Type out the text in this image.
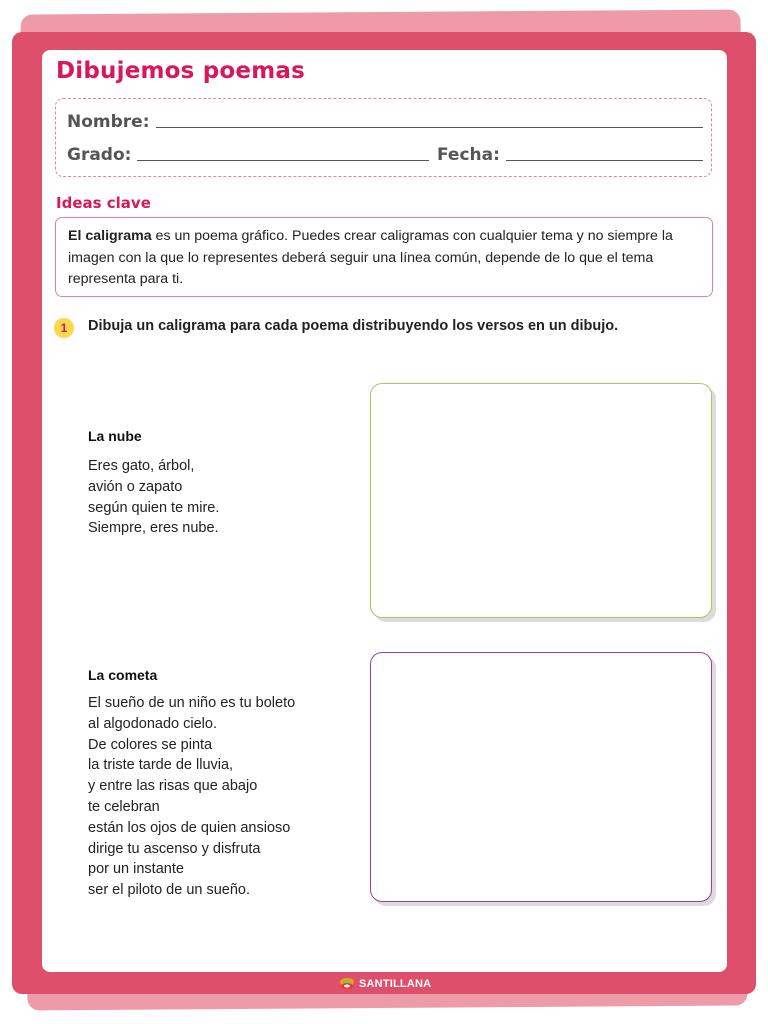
Dibujemos poemas
Nombre:
Grado:	Fecha:
Ideas clave
El caligrama es un poema gráfico. Puedes crear caligramas con cualquier tema y no siempre la imagen con la que lo representes deberá seguir una línea común, depende de lo que el tema representa para ti.
1	Dibuja un caligrama para cada poema distribuyendo los versos en un dibujo.

La nube

Eres gato, árbol,
avión o zapato
según quien te mire.
Siempre, eres nube.

La cometa

El sueño de un niño es tu boleto
al algodonado cielo.
De colores se pinta
la triste tarde de lluvia,
y entre las risas que abajo
te celebran
están los ojos de quien ansioso
dirige tu ascenso y disfruta
por un instante
ser el piloto de un sueño.
SANTILLANA
